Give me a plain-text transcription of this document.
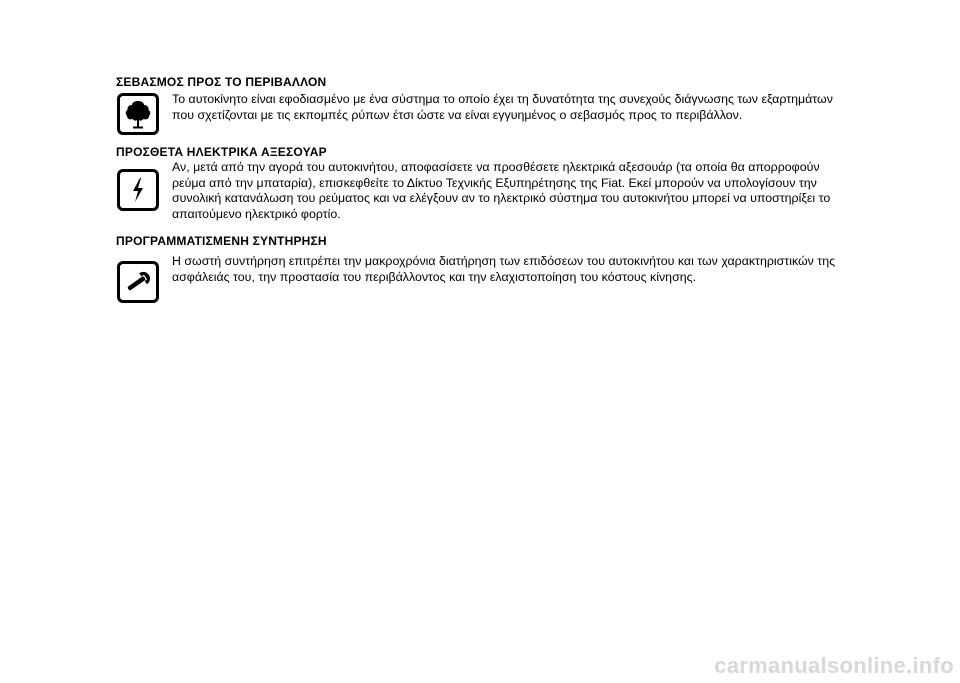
ΣΕΒΑΣΜΟΣ ΠΡΟΣ ΤΟ ΠΕΡΙΒΑΛΛΟΝ
Το αυτοκίνητο είναι εφοδιασμένο με ένα σύστημα το οποίο έχει τη δυνατότητα της συνεχούς διάγνωσης των εξαρτημάτων
που σχετίζονται με τις εκπομπές ρύπων έτσι ώστε να είναι εγγυημένος ο σεβασμός προς το περιβάλλον.
ΠΡΟΣΘΕΤΑ ΗΛΕΚΤΡΙΚΑ ΑΞΕΣΟΥΑΡ
Αν, μετά από την αγορά του αυτοκινήτου, αποφασίσετε να προσθέσετε ηλεκτρικά αξεσουάρ (τα οποία θα απορροφούν
ρεύμα από την μπαταρία), επισκεφθείτε το Δίκτυο Τεχνικής Εξυπηρέτησης της Fiat. Εκεί μπορούν να υπολογίσουν την
συνολική κατανάλωση του ρεύματος και να ελέγξουν αν το ηλεκτρικό σύστημα του αυτοκινήτου μπορεί να υποστηρίξει το
απαιτούμενο ηλεκτρικό φορτίο.
ΠΡΟΓΡΑΜΜΑΤΙΣΜΕΝΗ ΣΥΝΤΗΡΗΣΗ
Η σωστή συντήρηση επιτρέπει την μακροχρόνια διατήρηση των επιδόσεων του αυτοκινήτου και των χαρακτηριστικών της
ασφάλειάς του, την προστασία του περιβάλλοντος και την ελαχιστοποίηση του κόστους κίνησης.
carmanualsonline.info
